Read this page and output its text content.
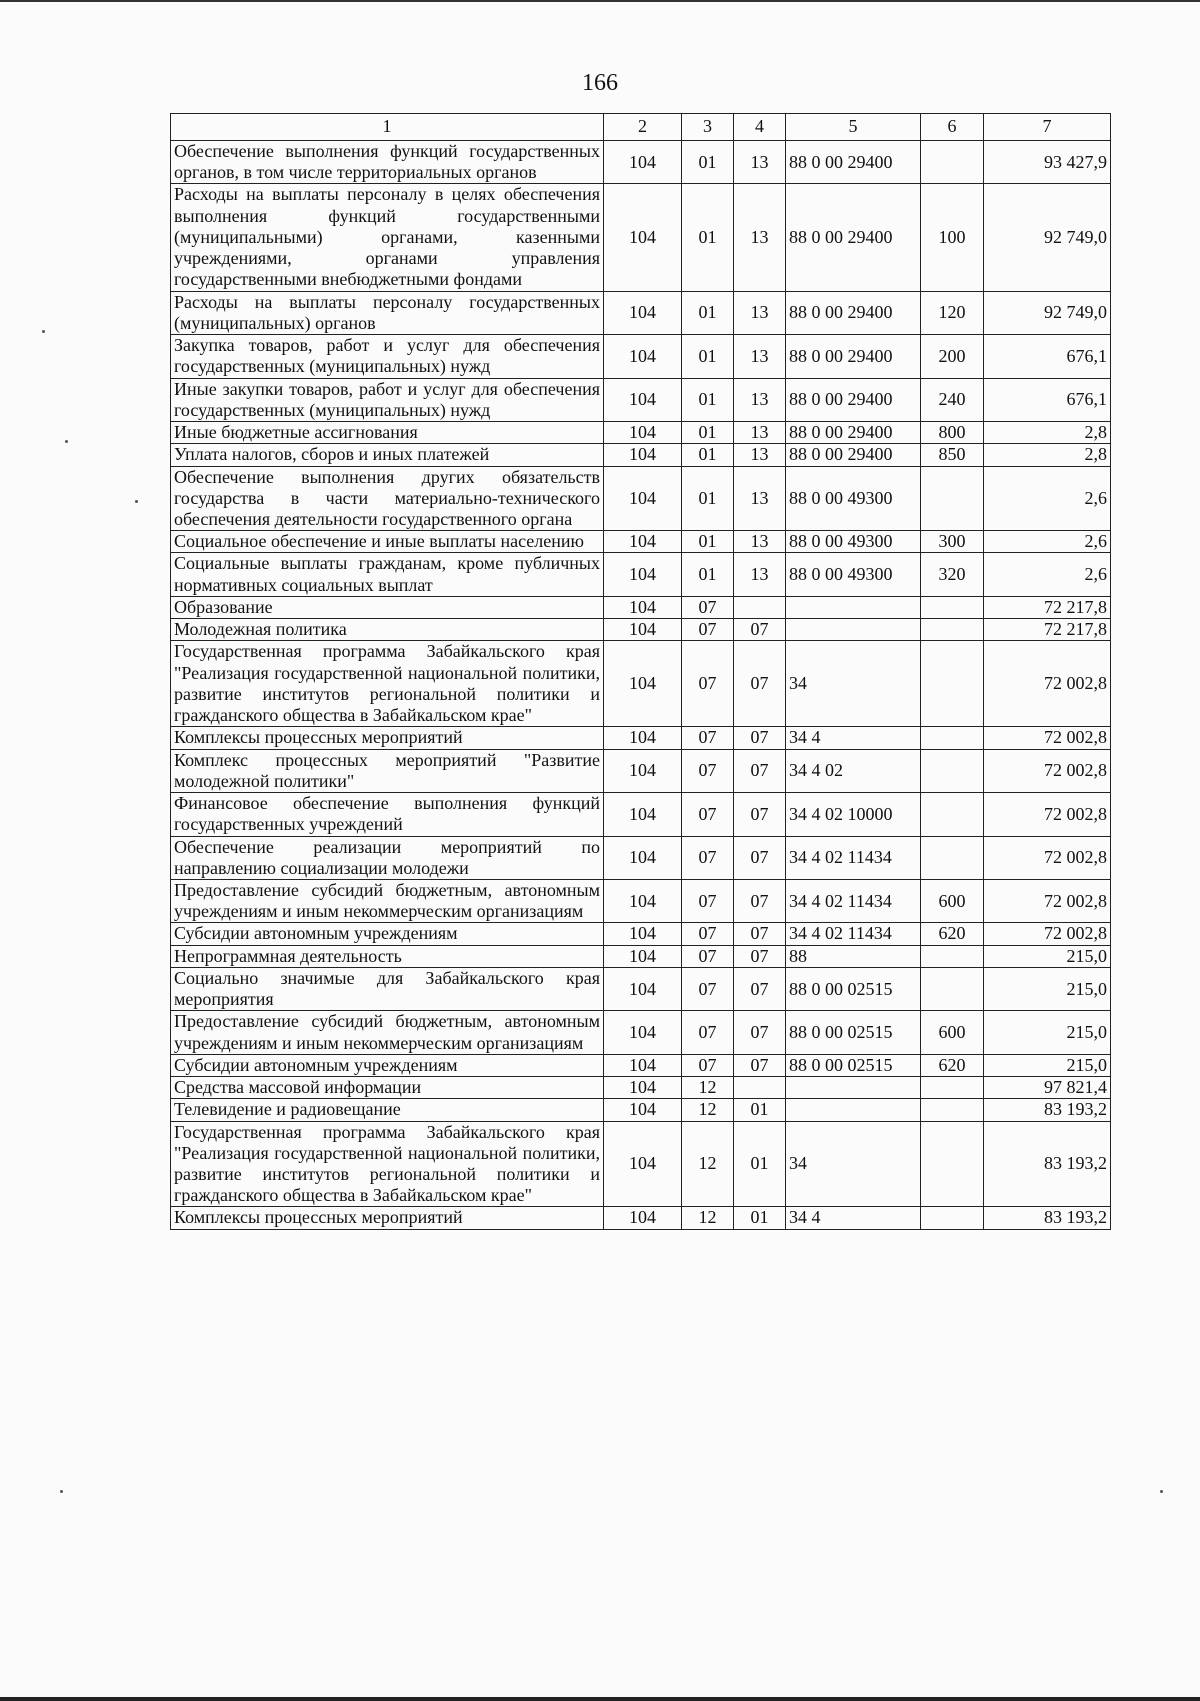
166
1	2	3	4	5	6	7
Обеспечение выполнения функций государственных органов, в том числе территориальных органов	104	01	13	88 0 00 29400		93 427,9
Расходы на выплаты персоналу в целях обеспечения выполнения функций государственными (муниципальными) органами, казенными учреждениями, органами управления государственными внебюджетными фондами	104	01	13	88 0 00 29400	100	92 749,0
Расходы на выплаты персоналу государственных (муниципальных) органов	104	01	13	88 0 00 29400	120	92 749,0
Закупка товаров, работ и услуг для обеспечения государственных (муниципальных) нужд	104	01	13	88 0 00 29400	200	676,1
Иные закупки товаров, работ и услуг для обеспечения государственных (муниципальных) нужд	104	01	13	88 0 00 29400	240	676,1
Иные бюджетные ассигнования	104	01	13	88 0 00 29400	800	2,8
Уплата налогов, сборов и иных платежей	104	01	13	88 0 00 29400	850	2,8
Обеспечение выполнения других обязательств государства в части материально-технического обеспечения деятельности государственного органа	104	01	13	88 0 00 49300		2,6
Социальное обеспечение и иные выплаты населению	104	01	13	88 0 00 49300	300	2,6
Социальные выплаты гражданам, кроме публичных нормативных социальных выплат	104	01	13	88 0 00 49300	320	2,6
Образование	104	07				72 217,8
Молодежная политика	104	07	07			72 217,8
Государственная программа Забайкальского края "Реализация государственной национальной политики, развитие институтов региональной политики и гражданского общества в Забайкальском крае"	104	07	07	34		72 002,8
Комплексы процессных мероприятий	104	07	07	34 4		72 002,8
Комплекс процессных мероприятий "Развитие молодежной политики"	104	07	07	34 4 02		72 002,8
Финансовое обеспечение выполнения функций государственных учреждений	104	07	07	34 4 02 10000		72 002,8
Обеспечение реализации мероприятий по направлению социализации молодежи	104	07	07	34 4 02 11434		72 002,8
Предоставление субсидий бюджетным, автономным учреждениям и иным некоммерческим организациям	104	07	07	34 4 02 11434	600	72 002,8
Субсидии автономным учреждениям	104	07	07	34 4 02 11434	620	72 002,8
Непрограммная деятельность	104	07	07	88		215,0
Социально значимые для Забайкальского края мероприятия	104	07	07	88 0 00 02515		215,0
Предоставление субсидий бюджетным, автономным учреждениям и иным некоммерческим организациям	104	07	07	88 0 00 02515	600	215,0
Субсидии автономным учреждениям	104	07	07	88 0 00 02515	620	215,0
Средства массовой информации	104	12				97 821,4
Телевидение и радиовещание	104	12	01			83 193,2
Государственная программа Забайкальского края "Реализация государственной национальной политики, развитие институтов региональной политики и гражданского общества в Забайкальском крае"	104	12	01	34		83 193,2
Комплексы процессных мероприятий	104	12	01	34 4		83 193,2
